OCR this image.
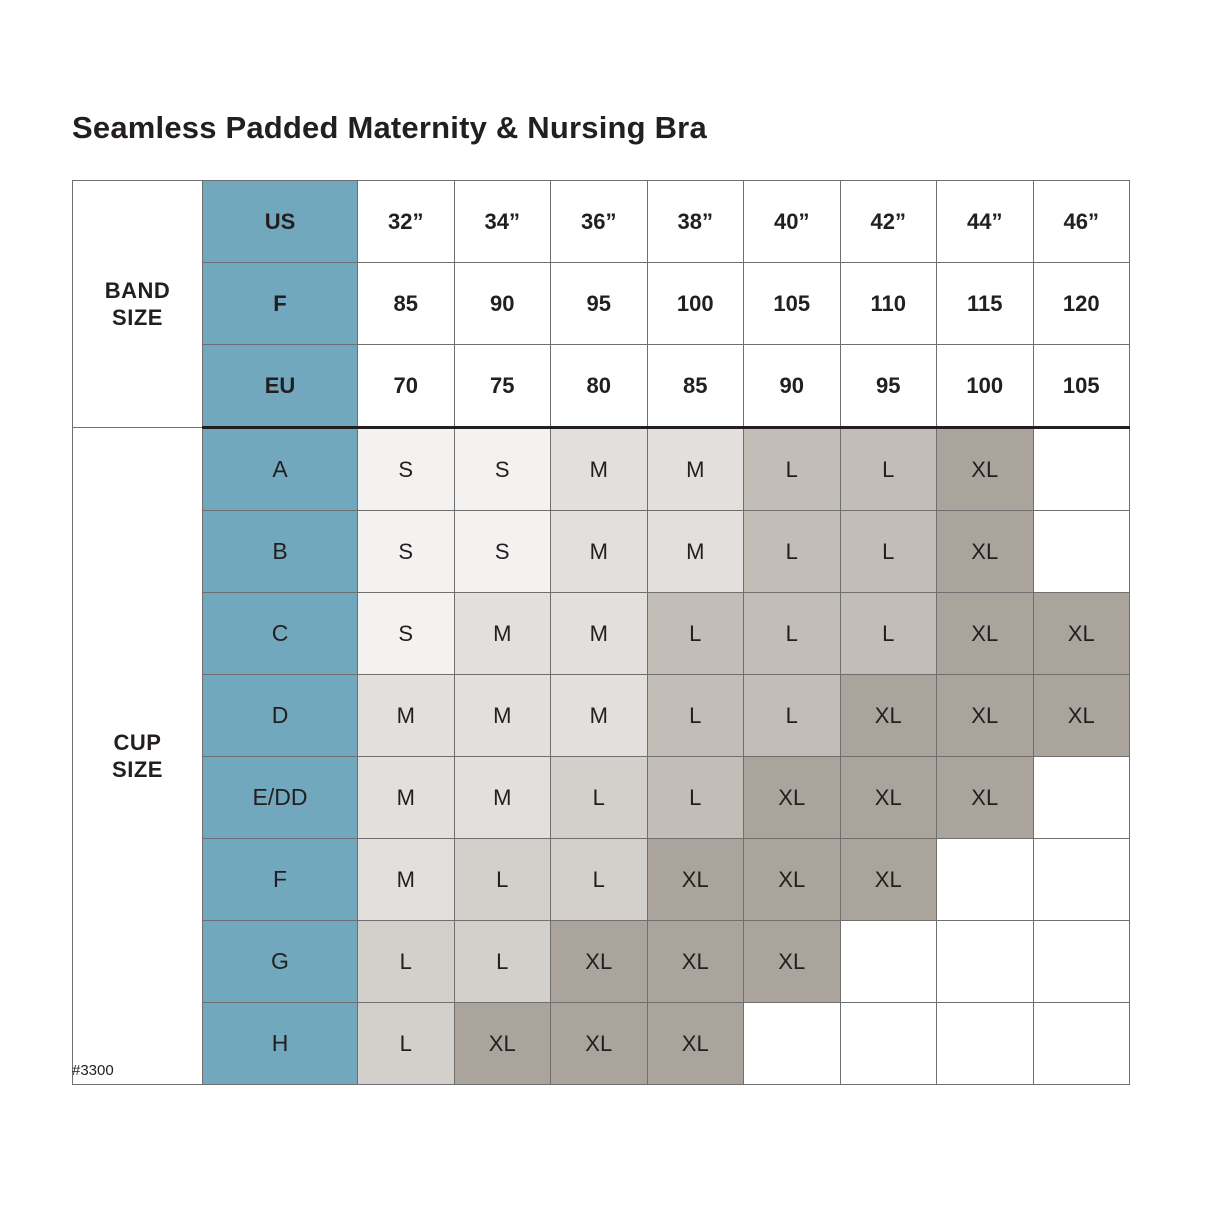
Seamless Padded Maternity & Nursing Bra
BAND
SIZE	US	32”	34”	36”	38”	40”	42”	44”	46”
	F	85	90	95	100	105	110	115	120
	EU	70	75	80	85	90	95	100	105

CUP
SIZE	A	S	S	M	M	L	L	XL	
	B	S	S	M	M	L	L	XL	
	C	S	M	M	L	L	L	XL	XL
	D	M	M	M	L	L	XL	XL	XL
	E/DD	M	M	L	L	XL	XL	XL	
	F	M	L	L	XL	XL	XL		
	G	L	L	XL	XL	XL			
	H	L	XL	XL	XL				
#3300
